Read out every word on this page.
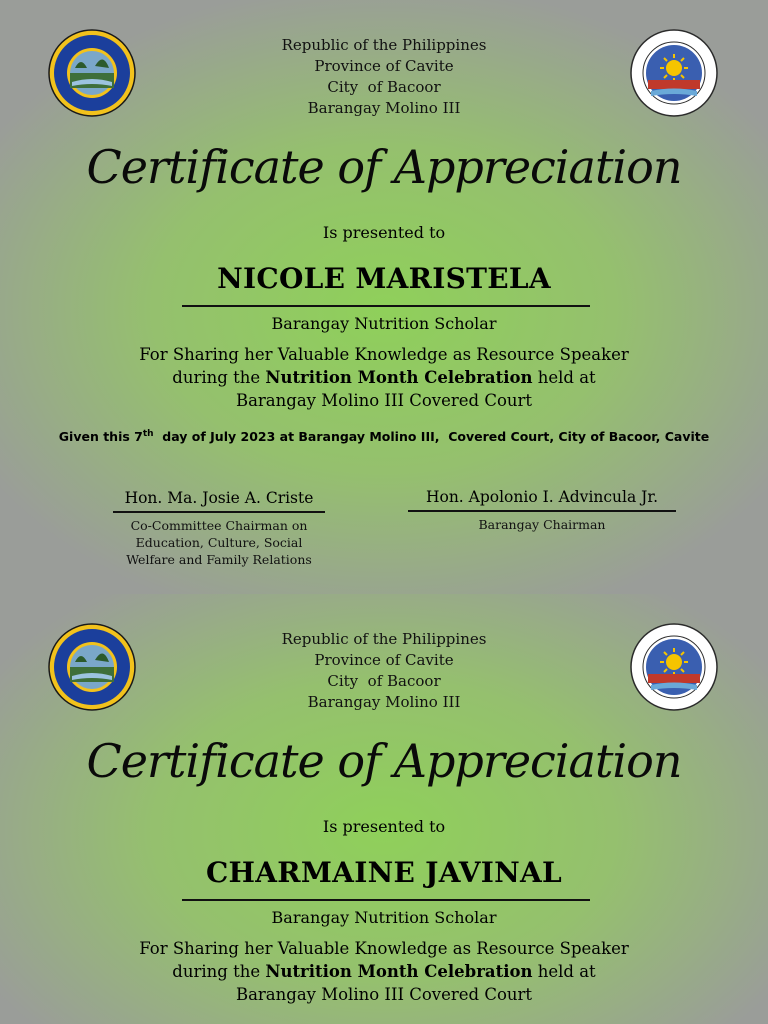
Republic of the Philippines
Province of Cavite
City  of Bacoor
Barangay Molino III
Certificate of Appreciation
Is presented to
NICOLE MARISTELA
Barangay Nutrition Scholar
For Sharing her Valuable Knowledge as Resource Speaker
during the Nutrition Month Celebration held at
Barangay Molino III Covered Court
Given this 7th  day of July 2023 at Barangay Molino III,  Covered Court, City of Bacoor, Cavite
Hon. Ma. Josie A. Criste
Co-Committee Chairman on
Education, Culture, Social
Welfare and Family Relations
Hon. Apolonio I. Advincula Jr.
Barangay Chairman
Republic of the Philippines
Province of Cavite
City  of Bacoor
Barangay Molino III
Certificate of Appreciation
Is presented to
CHARMAINE JAVINAL
Barangay Nutrition Scholar
For Sharing her Valuable Knowledge as Resource Speaker
during the Nutrition Month Celebration held at
Barangay Molino III Covered Court
